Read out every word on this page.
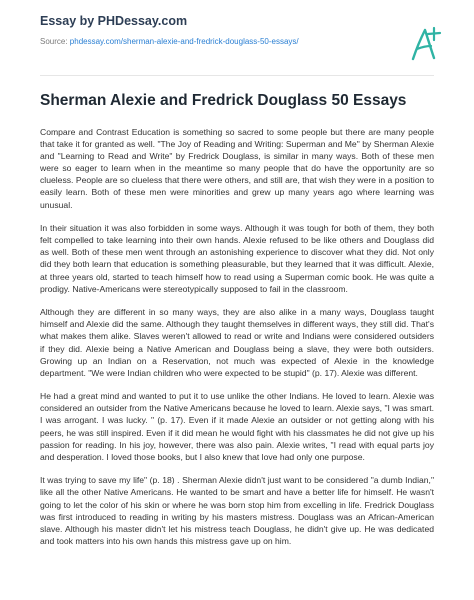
Essay by PHDessay.com
Source: phdessay.com/sherman-alexie-and-fredrick-douglass-50-essays/
Sherman Alexie and Fredrick Douglass 50 Essays

Compare and Contrast Education is something so sacred to some people but there are many people that take it for granted as well. "The Joy of Reading and Writing: Superman and Me" by Sherman Alexie and "Learning to Read and Write" by Fredrick Douglass, is similar in many ways. Both of these men were so eager to learn when in the meantime so many people that do have the opportunity are so clueless. People are so clueless that there were others, and still are, that wish they were in a position to easily learn. Both of these men were minorities and grew up many years ago where learning was unusual.

In their situation it was also forbidden in some ways. Although it was tough for both of them, they both felt compelled to take learning into their own hands. Alexie refused to be like others and Douglass did as well. Both of these men went through an astonishing experience to discover what they did. Not only did they both learn that education is something pleasurable, but they learned that it was difficult. Alexie, at three years old, started to teach himself how to read using a Superman comic book. He was quite a prodigy. Native-Americans were stereotypically supposed to fail in the classroom.

Although they are different in so many ways, they are also alike in a many ways, Douglass taught himself and Alexie did the same. Although they taught themselves in different ways, they still did. That's what makes them alike. Slaves weren't allowed to read or write and Indians were considered outsiders if they did. Alexie being a Native American and Douglass being a slave, they were both outsiders. Growing up an Indian on a Reservation, not much was expected of Alexie in the knowledge department. "We were Indian children who were expected to be stupid" (p. 17). Alexie was different.

He had a great mind and wanted to put it to use unlike the other Indians. He loved to learn. Alexie was considered an outsider from the Native Americans because he loved to learn. Alexie says, "I was smart. I was arrogant. I was lucky. " (p. 17). Even if it made Alexie an outsider or not getting along with his peers, he was still inspired. Even if it did mean he would fight with his classmates he did not give up his passion for reading. In his joy, however, there was also pain. Alexie writes, "I read with equal parts joy and desperation. I loved those books, but I also knew that love had only one purpose.

It was trying to save my life" (p. 18) . Sherman Alexie didn't just want to be considered "a dumb Indian," like all the other Native Americans. He wanted to be smart and have a better life for himself. He wasn't going to let the color of his skin or where he was born stop him from excelling in life. Fredrick Douglass was first introduced to reading in writing by his masters mistress. Douglass was an African-American slave. Although his master didn't let his mistress teach Douglass, he didn't give up. He was dedicated and took matters into his own hands this mistress gave up on him.
